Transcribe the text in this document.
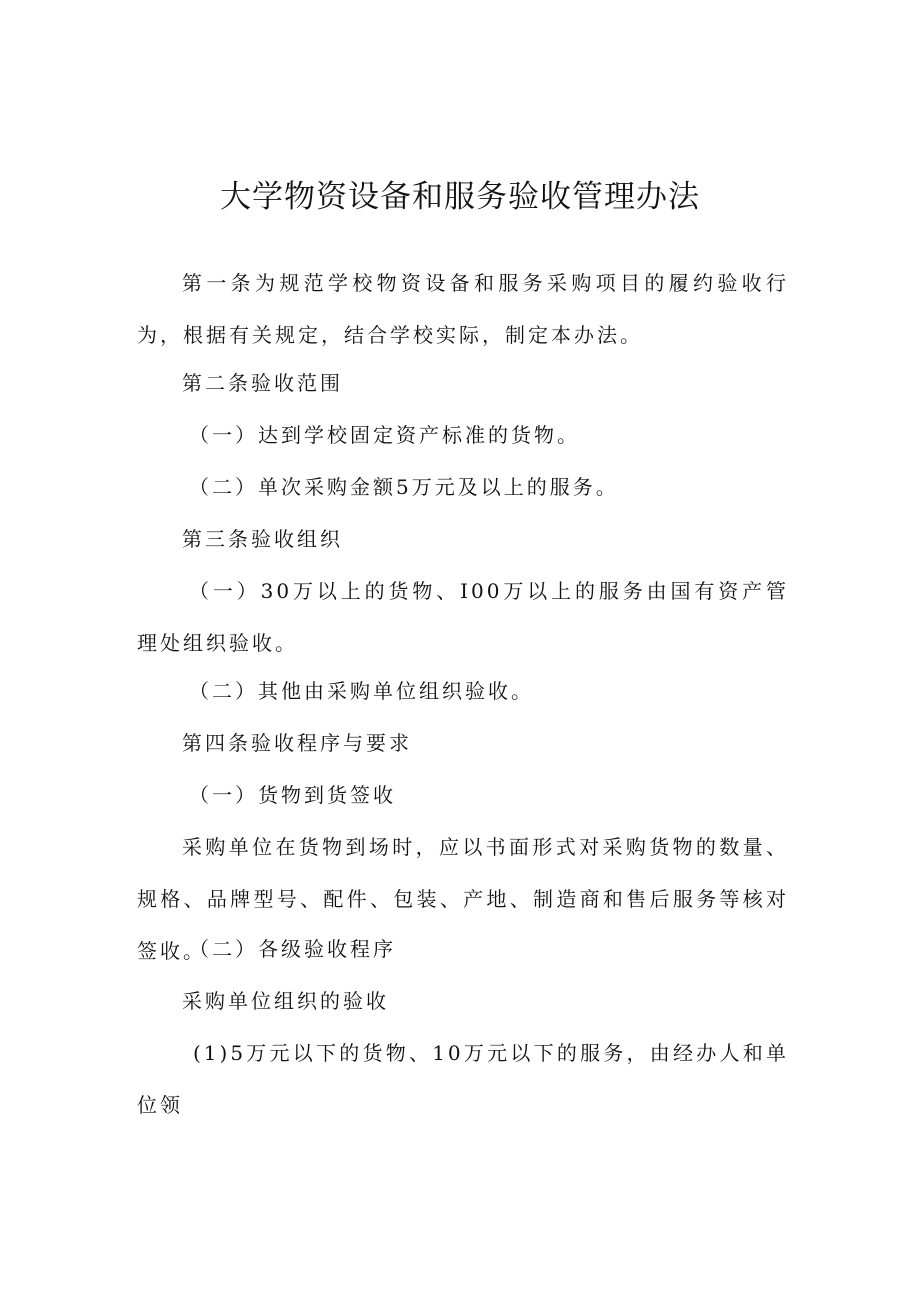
大学物资设备和服务验收管理办法
第一条为规范学校物资设备和服务采购项目的履约验收行为，根据有关规定，结合学校实际，制定本办法。
第二条验收范围
（一）达到学校固定资产标准的货物。
（二）单次采购金额5万元及以上的服务。
第三条验收组织
（一）30万以上的货物、I00万以上的服务由国有资产管理处组织验收。
（二）其他由采购单位组织验收。
第四条验收程序与要求
（一）货物到货签收
采购单位在货物到场时，应以书面形式对采购货物的数量、规格、品牌型号、配件、包装、产地、制造商和售后服务等核对签收。
（二）各级验收程序
采购单位组织的验收
(1)5万元以下的货物、10万元以下的服务，由经办人和单位领
